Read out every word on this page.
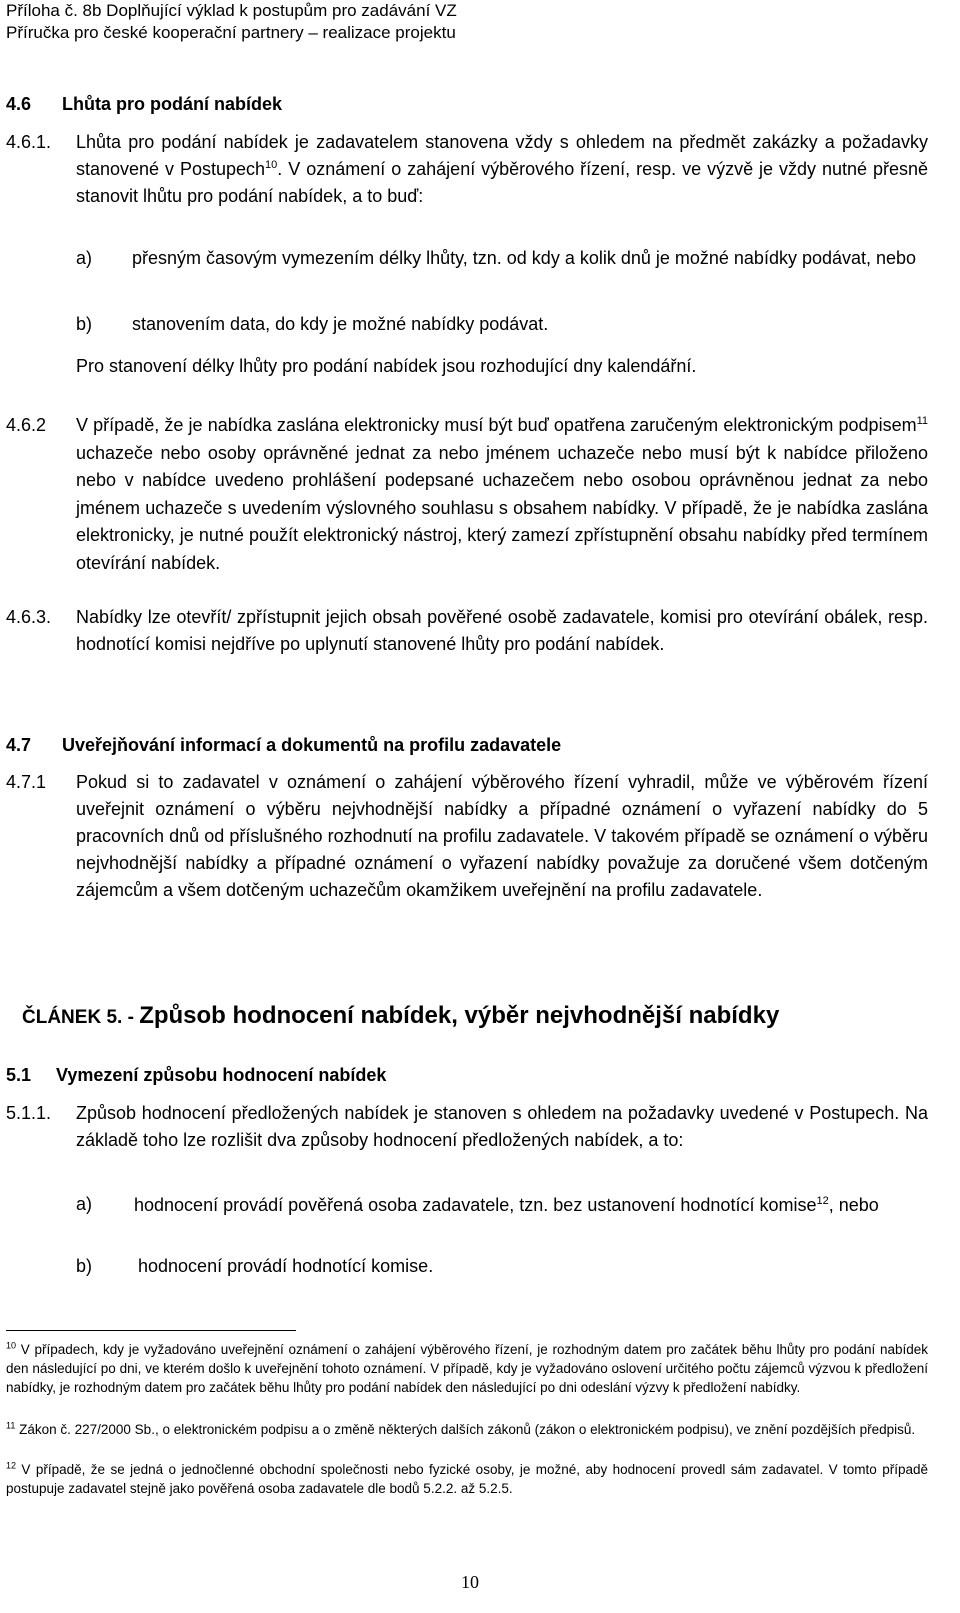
Příloha č. 8b Doplňující výklad k postupům pro zadávání VZ
Příručka pro české kooperační partnery – realizace projektu
4.6 Lhůta pro podání nabídek
4.6.1. Lhůta pro podání nabídek je zadavatelem stanovena vždy s ohledem na předmět zakázky a požadavky stanovené v Postupech$^{10}$. V oznámení o zahájení výběrového řízení, resp. ve výzvě je vždy nutné přesně stanovit lhůtu pro podání nabídek, a to buď:
a) přesným časovým vymezením délky lhůty, tzn. od kdy a kolik dnů je možné nabídky podávat, nebo
b) stanovením data, do kdy je možné nabídky podávat.
Pro stanovení délky lhůty pro podání nabídek jsou rozhodující dny kalendářní.
4.6.2 V případě, že je nabídka zaslána elektronicky musí být buď opatřena zaručeným elektronickým podpisem$^{11}$ uchazeče nebo osoby oprávněné jednat za nebo jménem uchazeče nebo musí být k nabídce přiloženo nebo v nabídce uvedeno prohlášení podepsané uchazečem nebo osobou oprávněnou jednat za nebo jménem uchazeče s uvedením výslovného souhlasu s obsahem nabídky. V případě, že je nabídka zaslána elektronicky, je nutné použít elektronický nástroj, který zamezí zpřístupnění obsahu nabídky před termínem otevírání nabídek.
4.6.3. Nabídky lze otevřít/ zpřístupnit jejich obsah pověřené osobě zadavatele, komisi pro otevírání obálek, resp. hodnotící komisi nejdříve po uplynutí stanovené lhůty pro podání nabídek.
4.7 Uveřejňování informací a dokumentů na profilu zadavatele
4.7.1 Pokud si to zadavatel v oznámení o zahájení výběrového řízení vyhradil, může ve výběrovém řízení uveřejnit oznámení o výběru nejvhodnější nabídky a případné oznámení o vyřazení nabídky do 5 pracovních dnů od příslušného rozhodnutí na profilu zadavatele. V takovém případě se oznámení o výběru nejvhodnější nabídky a případné oznámení o vyřazení nabídky považuje za doručené všem dotčeným zájemcům a všem dotčeným uchazečům okamžikem uveřejnění na profilu zadavatele.
ČLÁNEK 5. - Způsob hodnocení nabídek, výběr nejvhodnější nabídky
5.1 Vymezení způsobu hodnocení nabídek
5.1.1. Způsob hodnocení předložených nabídek je stanoven s ohledem na požadavky uvedené v Postupech. Na základě toho lze rozlišit dva způsoby hodnocení předložených nabídek, a to:
a) hodnocení provádí pověřená osoba zadavatele, tzn. bez ustanovení hodnotící komise$^{12}$, nebo
b)	hodnocení provádí hodnotící komise.
$^{10}$ V případech, kdy je vyžadováno uveřejnění oznámení o zahájení výběrového řízení, je rozhodným datem pro začátek běhu lhůty pro podání nabídek den následující po dni, ve kterém došlo k uveřejnění tohoto oznámení. V případě, kdy je vyžadováno oslovení určitého počtu zájemců výzvou k předložení nabídky, je rozhodným datem pro začátek běhu lhůty pro podání nabídek den následující po dni odeslání výzvy k předložení nabídky.
$^{11}$ Zákon č. 227/2000 Sb., o elektronickém podpisu a o změně některých dalších zákonů (zákon o elektronickém podpisu), ve znění pozdějších předpisů.
$^{12}$ V případě, že se jedná o jednočlenné obchodní společnosti nebo fyzické osoby, je možné, aby hodnocení provedl sám zadavatel. V tomto případě postupuje zadavatel stejně jako pověřená osoba zadavatele dle bodů 5.2.2. až 5.2.5.
10
